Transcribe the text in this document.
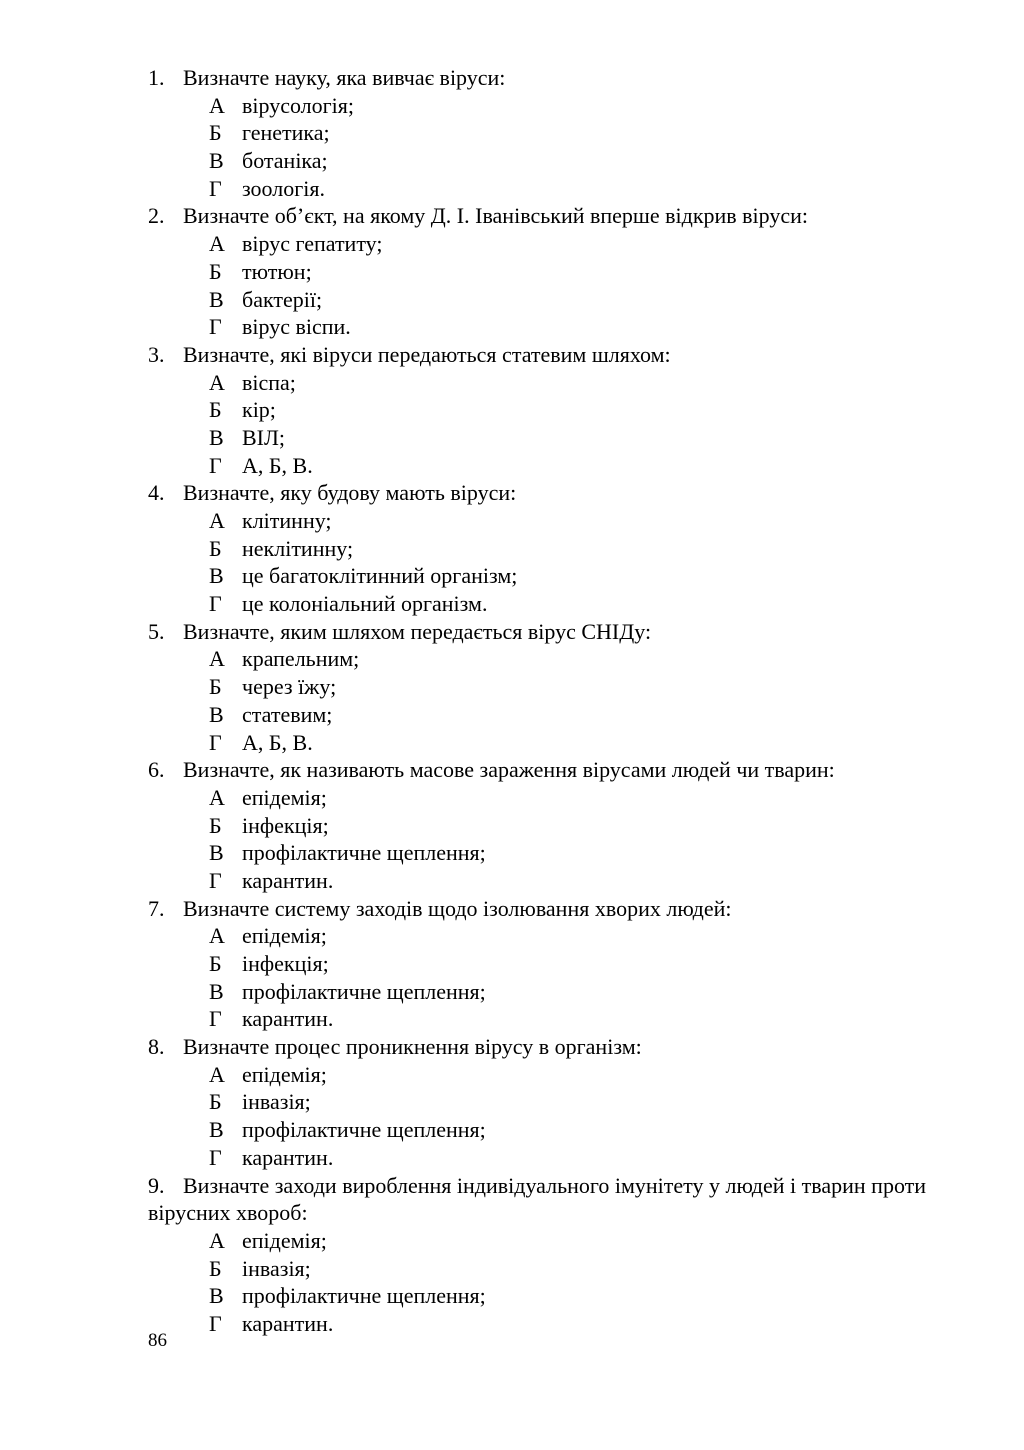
1. Визначте науку, яка вивчає віруси:
А вірусологія;
Б генетика;
В ботаніка;
Г зоологія.
2. Визначте об’єкт, на якому Д. І. Іванівський вперше відкрив віруси:
А вірус гепатиту;
Б тютюн;
В бактерії;
Г вірус віспи.
3. Визначте, які віруси передаються статевим шляхом:
А віспа;
Б кір;
В ВІЛ;
Г А, Б, В.
4. Визначте, яку будову мають віруси:
А клітинну;
Б неклітинну;
В це багатоклітинний організм;
Г це колоніальний організм.
5. Визначте, яким шляхом передається вірус СНІДу:
А крапельним;
Б через їжу;
В статевим;
Г А, Б, В.
6. Визначте, як називають масове зараження вірусами людей чи тварин:
А епідемія;
Б інфекція;
В профілактичне щеплення;
Г карантин.
7. Визначте систему заходів щодо ізолювання хворих людей:
А епідемія;
Б інфекція;
В профілактичне щеплення;
Г карантин.
8. Визначте процес проникнення вірусу в організм:
А епідемія;
Б інвазія;
В профілактичне щеплення;
Г карантин.
9. Визначте заходи вироблення індивідуального імунітету у людей і тварин проти вірусних хвороб:
А епідемія;
Б інвазія;
В профілактичне щеплення;
Г карантин.
86
